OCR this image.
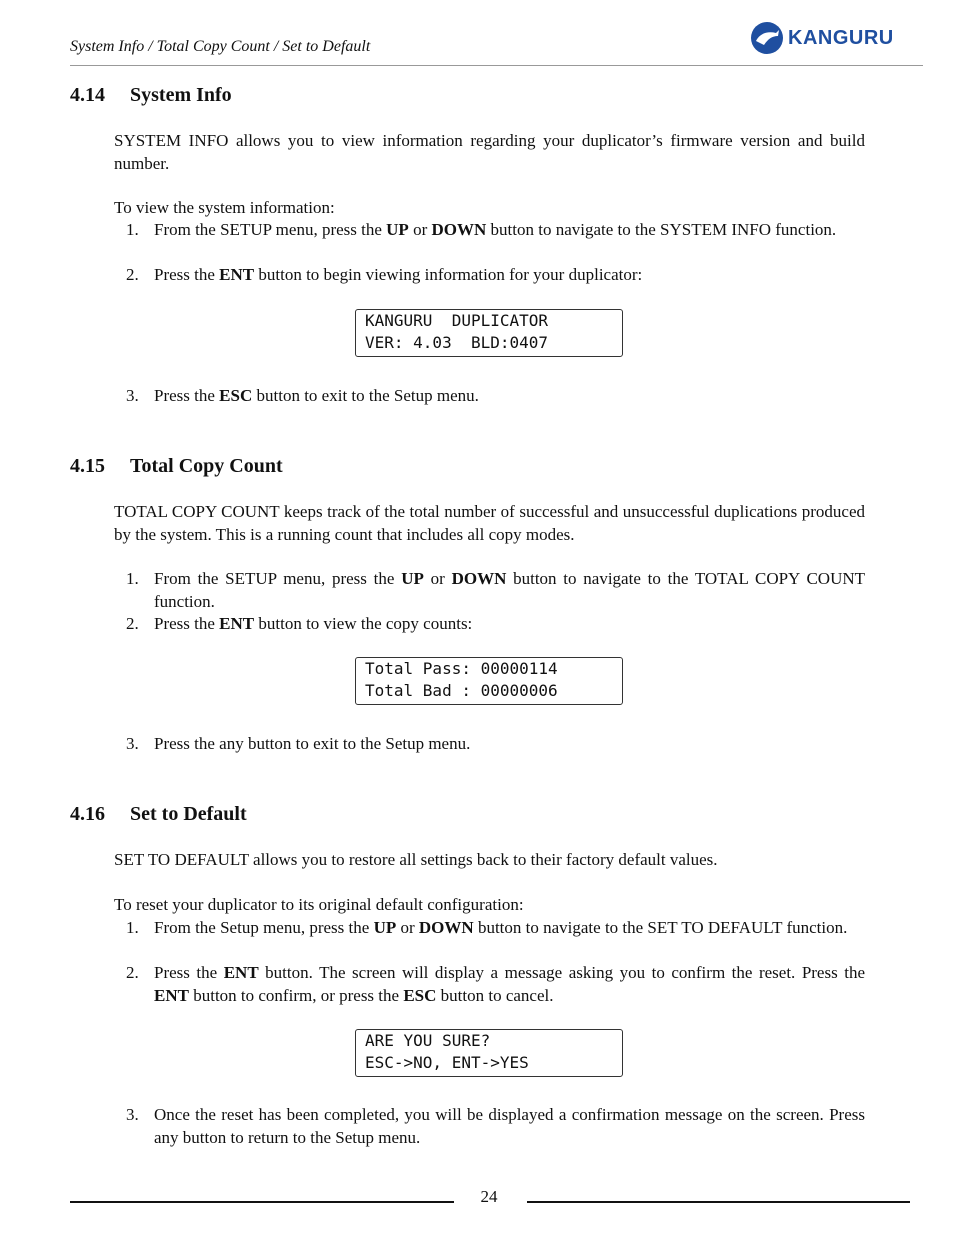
System Info / Total Copy Count / Set to Default	KANGURU
4.14 System Info
SYSTEM INFO allows you to view information regarding your duplicator’s firmware version and build number.
To view the system information:
1. From the SETUP menu, press the UP or DOWN button to navigate to the SYSTEM INFO function.
2. Press the ENT button to begin viewing information for your duplicator:
KANGURU  DUPLICATOR
VER: 4.03  BLD:0407
3. Press the ESC button to exit to the Setup menu.
4.15 Total Copy Count
TOTAL COPY COUNT keeps track of the total number of successful and unsuccessful duplications produced by the system. This is a running count that includes all copy modes.
1. From the SETUP menu, press the UP or DOWN button to navigate to the TOTAL COPY COUNT function.
2. Press the ENT button to view the copy counts:
Total Pass: 00000114
Total Bad : 00000006
3. Press the any button to exit to the Setup menu.
4.16 Set to Default
SET TO DEFAULT allows you to restore all settings back to their factory default values.
To reset your duplicator to its original default configuration:
1. From the Setup menu, press the UP or DOWN button to navigate to the SET TO DEFAULT function.
2. Press the ENT button. The screen will display a message asking you to confirm the reset. Press the ENT button to confirm, or press the ESC button to cancel.
ARE YOU SURE?
ESC->NO, ENT->YES
3. Once the reset has been completed, you will be displayed a confirmation message on the screen. Press any button to return to the Setup menu.
24
